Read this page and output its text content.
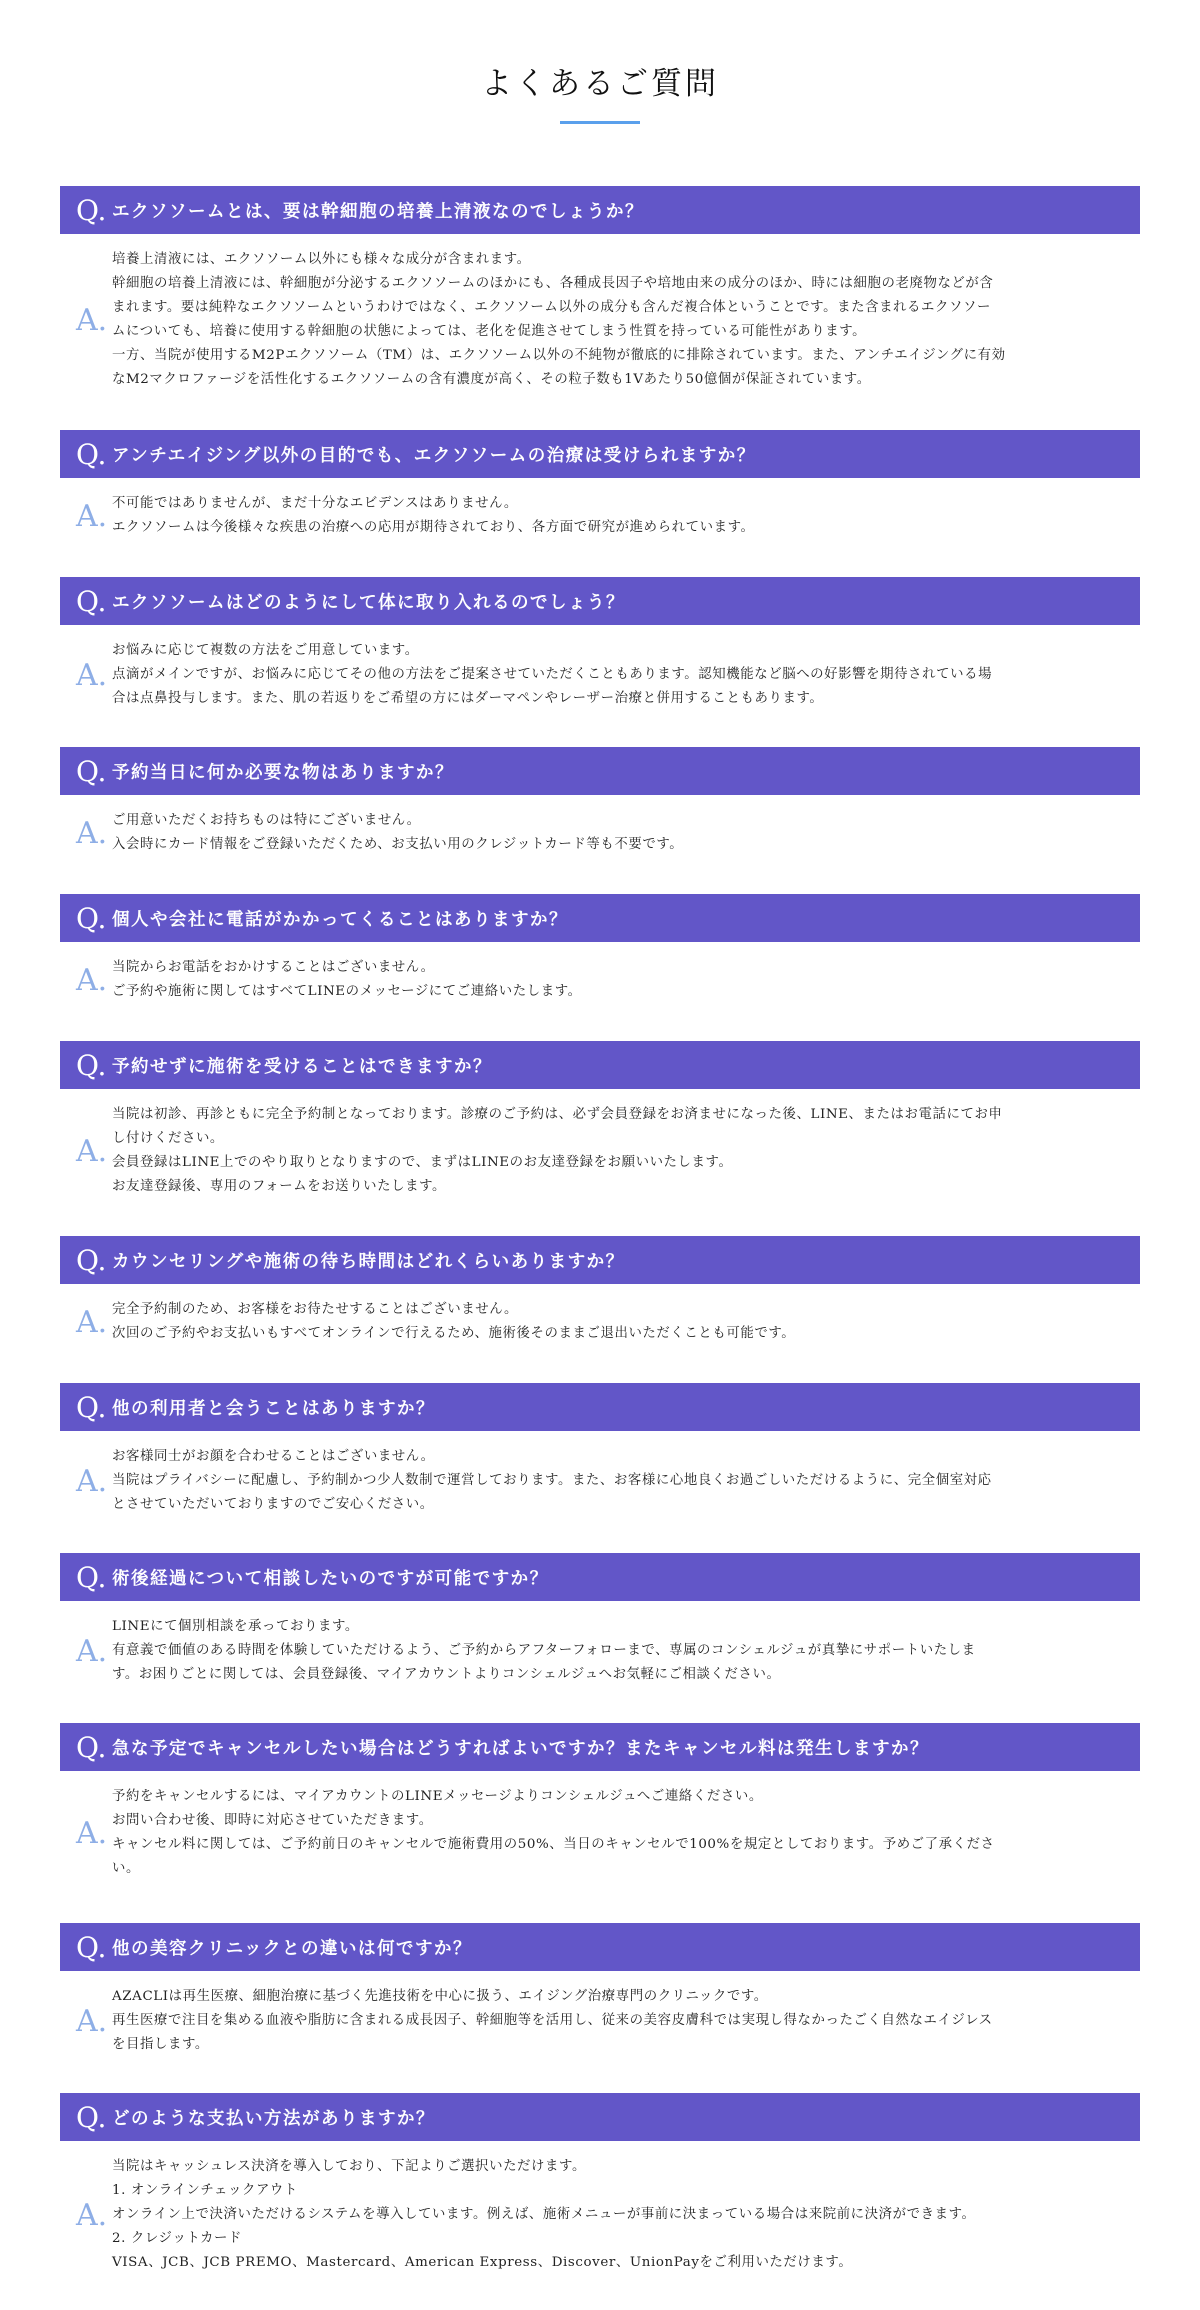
よくあるご質問
Q. エクソソームとは、要は幹細胞の培養上清液なのでしょうか？
A.
培養上清液には、エクソソーム以外にも様々な成分が含まれます。
幹細胞の培養上清液には、幹細胞が分泌するエクソソームのほかにも、各種成長因子や培地由来の成分のほか、時には細胞の老廃物などが含
まれます。要は純粋なエクソソームというわけではなく、エクソソーム以外の成分も含んだ複合体ということです。また含まれるエクソソー
ムについても、培養に使用する幹細胞の状態によっては、老化を促進させてしまう性質を持っている可能性があります。
一方、当院が使用するM2Pエクソソーム（TM）は、エクソソーム以外の不純物が徹底的に排除されています。また、アンチエイジングに有効
なM2マクロファージを活性化するエクソソームの含有濃度が高く、その粒子数も1Vあたり50億個が保証されています。
Q. アンチエイジング以外の目的でも、エクソソームの治療は受けられますか？
A. 不可能ではありませんが、まだ十分なエビデンスはありません。
エクソソームは今後様々な疾患の治療への応用が期待されており、各方面で研究が進められています。
Q. エクソソームはどのようにして体に取り入れるのでしょう？
A.
お悩みに応じて複数の方法をご用意しています。
点滴がメインですが、お悩みに応じてその他の方法をご提案させていただくこともあります。認知機能など脳への好影響を期待されている場
合は点鼻投与します。また、肌の若返りをご希望の方にはダーマペンやレーザー治療と併用することもあります。
Q. 予約当日に何か必要な物はありますか？
A. ご用意いただくお持ちものは特にございません。
入会時にカード情報をご登録いただくため、お支払い用のクレジットカード等も不要です。
Q. 個人や会社に電話がかかってくることはありますか？
A. 当院からお電話をおかけすることはございません。
ご予約や施術に関してはすべてLINEのメッセージにてご連絡いたします。
Q. 予約せずに施術を受けることはできますか？
A.
当院は初診、再診ともに完全予約制となっております。診療のご予約は、必ず会員登録をお済ませになった後、LINE、またはお電話にてお申
し付けください。
会員登録はLINE上でのやり取りとなりますので、まずはLINEのお友達登録をお願いいたします。
お友達登録後、専用のフォームをお送りいたします。
Q. カウンセリングや施術の待ち時間はどれくらいありますか？
A. 完全予約制のため、お客様をお待たせすることはございません。
次回のご予約やお支払いもすべてオンラインで行えるため、施術後そのままご退出いただくことも可能です。
Q. 他の利用者と会うことはありますか？
A.
お客様同士がお顔を合わせることはございません。
当院はプライバシーに配慮し、予約制かつ少人数制で運営しております。また、お客様に心地良くお過ごしいただけるように、完全個室対応
とさせていただいておりますのでご安心ください。
Q. 術後経過について相談したいのですが可能ですか？
A.
LINEにて個別相談を承っております。
有意義で価値のある時間を体験していただけるよう、ご予約からアフターフォローまで、専属のコンシェルジュが真摯にサポートいたしま
す。お困りごとに関しては、会員登録後、マイアカウントよりコンシェルジュへお気軽にご相談ください。
Q. 急な予定でキャンセルしたい場合はどうすればよいですか？またキャンセル料は発生しますか？
A.
予約をキャンセルするには、マイアカウントのLINEメッセージよりコンシェルジュへご連絡ください。
お問い合わせ後、即時に対応させていただきます。
キャンセル料に関しては、ご予約前日のキャンセルで施術費用の50%、当日のキャンセルで100%を規定としております。予めご了承くださ
い。
Q. 他の美容クリニックとの違いは何ですか？
A.
AZACLIは再生医療、細胞治療に基づく先進技術を中心に扱う、エイジング治療専門のクリニックです。
再生医療で注目を集める血液や脂肪に含まれる成長因子、幹細胞等を活用し、従来の美容皮膚科では実現し得なかったごく自然なエイジレス
を目指します。
Q. どのような支払い方法がありますか？
A.
当院はキャッシュレス決済を導入しており、下記よりご選択いただけます。
1. オンラインチェックアウト
オンライン上で決済いただけるシステムを導入しています。例えば、施術メニューが事前に決まっている場合は来院前に決済ができます。
2. クレジットカード
VISA、JCB、JCB PREMO、Mastercard、American Express、Discover、UnionPayをご利用いただけます。
